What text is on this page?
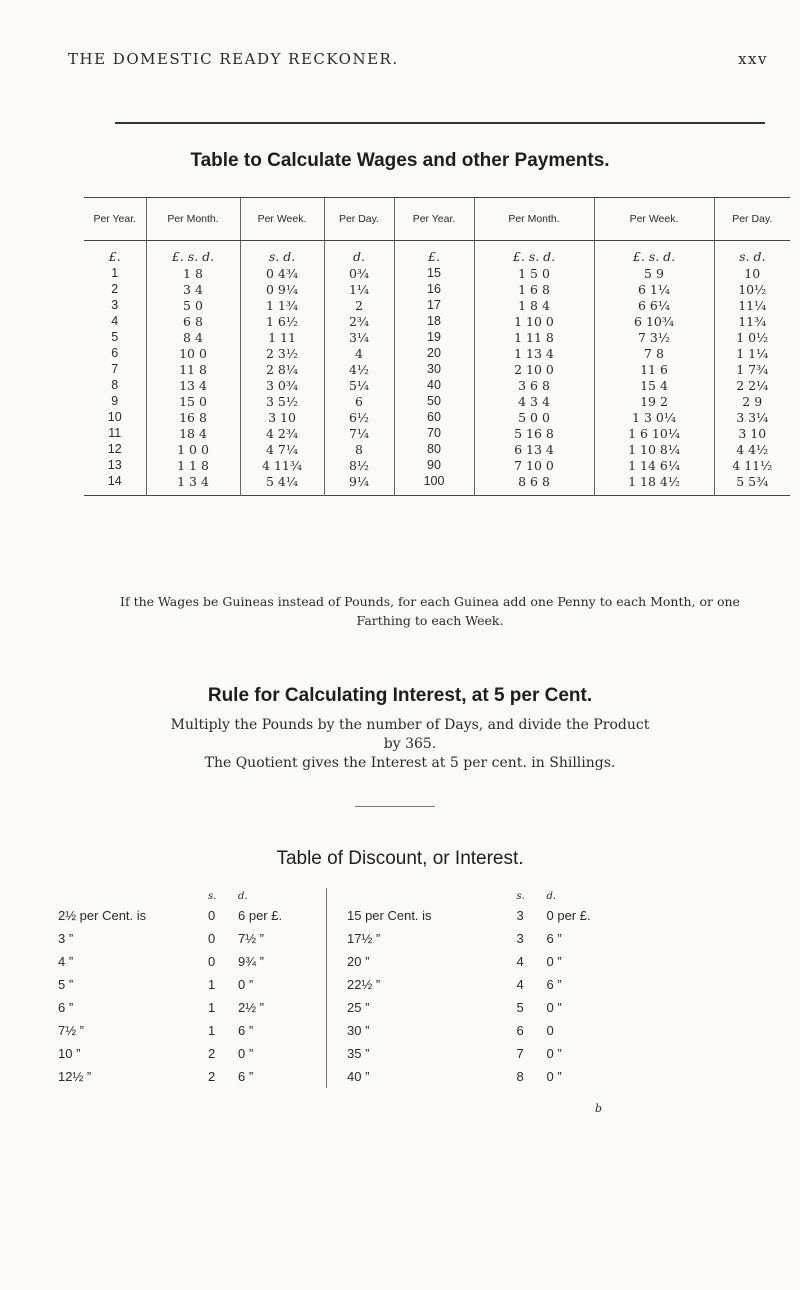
THE DOMESTIC READY RECKONER.	xxv
Table to Calculate Wages and other Payments.
Per Year.	Per Month.	Per Week.	Per Day.	Per Year.	Per Month.	Per Week.	Per Day.
£.	£. s. d.	s. d.	d.	£.	£. s. d.	£. s. d.	s. d.
1	1 8	0 4¾	0¾	15	1 5 0	5 9	10
2	3 4	0 9¼	1¼	16	1 6 8	6 1¼	10½
3	5 0	1 1¾	2	17	1 8 4	6 6¼	11¼
4	6 8	1 6½	2¾	18	1 10 0	6 10¾	11¾
5	8 4	1 11	3¼	19	1 11 8	7 3½	1 0½
6	10 0	2 3½	4	20	1 13 4	7 8	1 1¼
7	11 8	2 8¼	4½	30	2 10 0	11 6	1 7¾
8	13 4	3 0¾	5¼	40	3 6 8	15 4	2 2¼
9	15 0	3 5½	6	50	4 3 4	19 2	2 9
10	16 8	3 10	6½	60	5 0 0	1 3 0¼	3 3¼
11	18 4	4 2¾	7¼	70	5 16 8	1 6 10¼	3 10
12	1 0 0	4 7¼	8	80	6 13 4	1 10 8¼	4 4½
13	1 1 8	4 11¾	8½	90	7 10 0	1 14 6¼	4 11½
14	1 3 4	5 4¼	9¼	100	8 6 8	1 18 4½	5 5¾
If the Wages be Guineas instead of Pounds, for each Guinea add one Penny to each Month, or one Farthing to each Week.
Rule for Calculating Interest, at 5 per Cent.
Multiply the Pounds by the number of Days, and divide the Product
by 365.
The Quotient gives the Interest at 5 per cent. in Shillings.
Table of Discount, or Interest.
	s.	d.
2½ per Cent. is	0	6 per £.
3 ”	0	7½ ”
4 ”	0	9¾ ”
5 ”	1	0 ”
6 ”	1	2½ ”
7½ ”	1	6 ”
10 ”	2	0 ”
12½ ”	2	6 ”
	s.	d.
15 per Cent. is	3	0 per £.
17½ ”	3	6 ”
20 ”	4	0 ”
22½ ”	4	6 ”
25 ”	5	0 ”
30 ”	6	0
35 ”	7	0 ”
40 ”	8	0 ”
b
